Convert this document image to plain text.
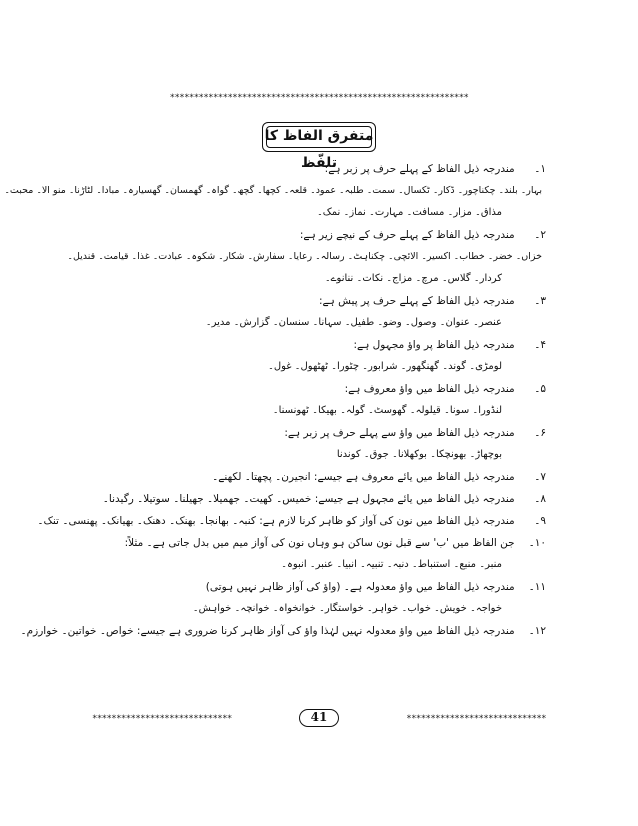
**************************************************************
متفرق الفاظ کا تلفّظ	۱۔ مندرجہ ذیل الفاظ کے پہلے حرف پر زبر ہے:
بہار۔ بلند۔ چکناچور۔ ڈکار۔ ٹکسال۔ سمت۔ طلبہ۔ عمود۔ قلعہ۔ کچھا۔ گچھ۔ گواہ۔ گھمسان۔ گھسیارہ۔ مبادا۔ لٹاڑنا۔ منو الا۔ محبت۔
مذاق۔ مزار۔ مسافت۔ مہارت۔ نماز۔ نمک۔
۲۔ مندرجہ ذیل الفاظ کے پہلے حرف کے نیچے زیر ہے:
خزاں۔ خضر۔ خطاب۔ اکسیر۔ الائچی۔ چکناہٹ۔ رسالہ۔ رعایا۔ سفارش۔ شکار۔ شکوہ۔ عبادت۔ غذا۔ قیامت۔ قندیل۔
کردار۔ گلاس۔ مرچ۔ مزاج۔ نکات۔ ننانوے۔
۳۔ مندرجہ ذیل الفاظ کے پہلے حرف پر پیش ہے:
عنصر۔ عنوان۔ وصول۔ وضو۔ طفیل۔ سہانا۔ سنسان۔ گزارش۔ مدیر۔
۴۔ مندرجہ ذیل الفاظ پر واؤ مجہول ہے:
لومڑی۔ گوند۔ گھنگھور۔ شرابور۔ چٹورا۔ ٹھٹھول۔ غول۔
۵۔ مندرجہ ذیل الفاظ میں واؤ معروف ہے:
لنڈورا۔ سونا۔ قیلولہ۔ گھوسٹ۔ گولہ۔ بھیکا۔ ٹھونسنا۔
۶۔ مندرجہ ذیل الفاظ میں واؤ سے پہلے حرف پر زبر ہے:
بوچھاڑ۔ بھونچکا۔ بوکھلانا۔ جوق۔ کوندنا
۷۔ مندرجہ ذیل الفاظ میں یائے معروف ہے جیسے: انجیرن۔ پچھتا۔ لکھنے۔
۸۔ مندرجہ ذیل الفاظ میں یائے مجہول ہے جیسے: خمیس۔ کھیت۔ جھمیلا۔ جھیلنا۔ سوتیلا۔ رگیدنا۔
۹۔ مندرجہ ذیل الفاظ میں نون کی آواز کو ظاہر کرنا لازم ہے: کنبہ۔ بھانجا۔ بھنک۔ دھنک۔ بھیانک۔ پھنسی۔ تنک۔
۱۰۔ جن الفاظ میں 'ب' سے قبل نون ساکن ہو وہاں نون کی آواز میم میں بدل جاتی ہے۔ مثلاً:
منبر۔ منبع۔ استنباط۔ دنبہ۔ تنبیہ۔ انبیا۔ عنبر۔ انبوہ۔
۱۱۔ مندرجہ ذیل الفاظ میں واؤ معدولہ ہے۔ (واؤ کی آواز ظاہر نہیں ہوتی)
خواجہ۔ خویش۔ خواب۔ خواہر۔ خواستگار۔ خوانخواہ۔ خوانچہ۔ خواہش۔
۱۲۔ مندرجہ ذیل الفاظ میں واؤ معدولہ نہیں لہٰذا واؤ کی آواز ظاہر کرنا ضروری ہے جیسے: خواص۔ خواتین۔ خوارزم۔
*****************************	41	*****************************
